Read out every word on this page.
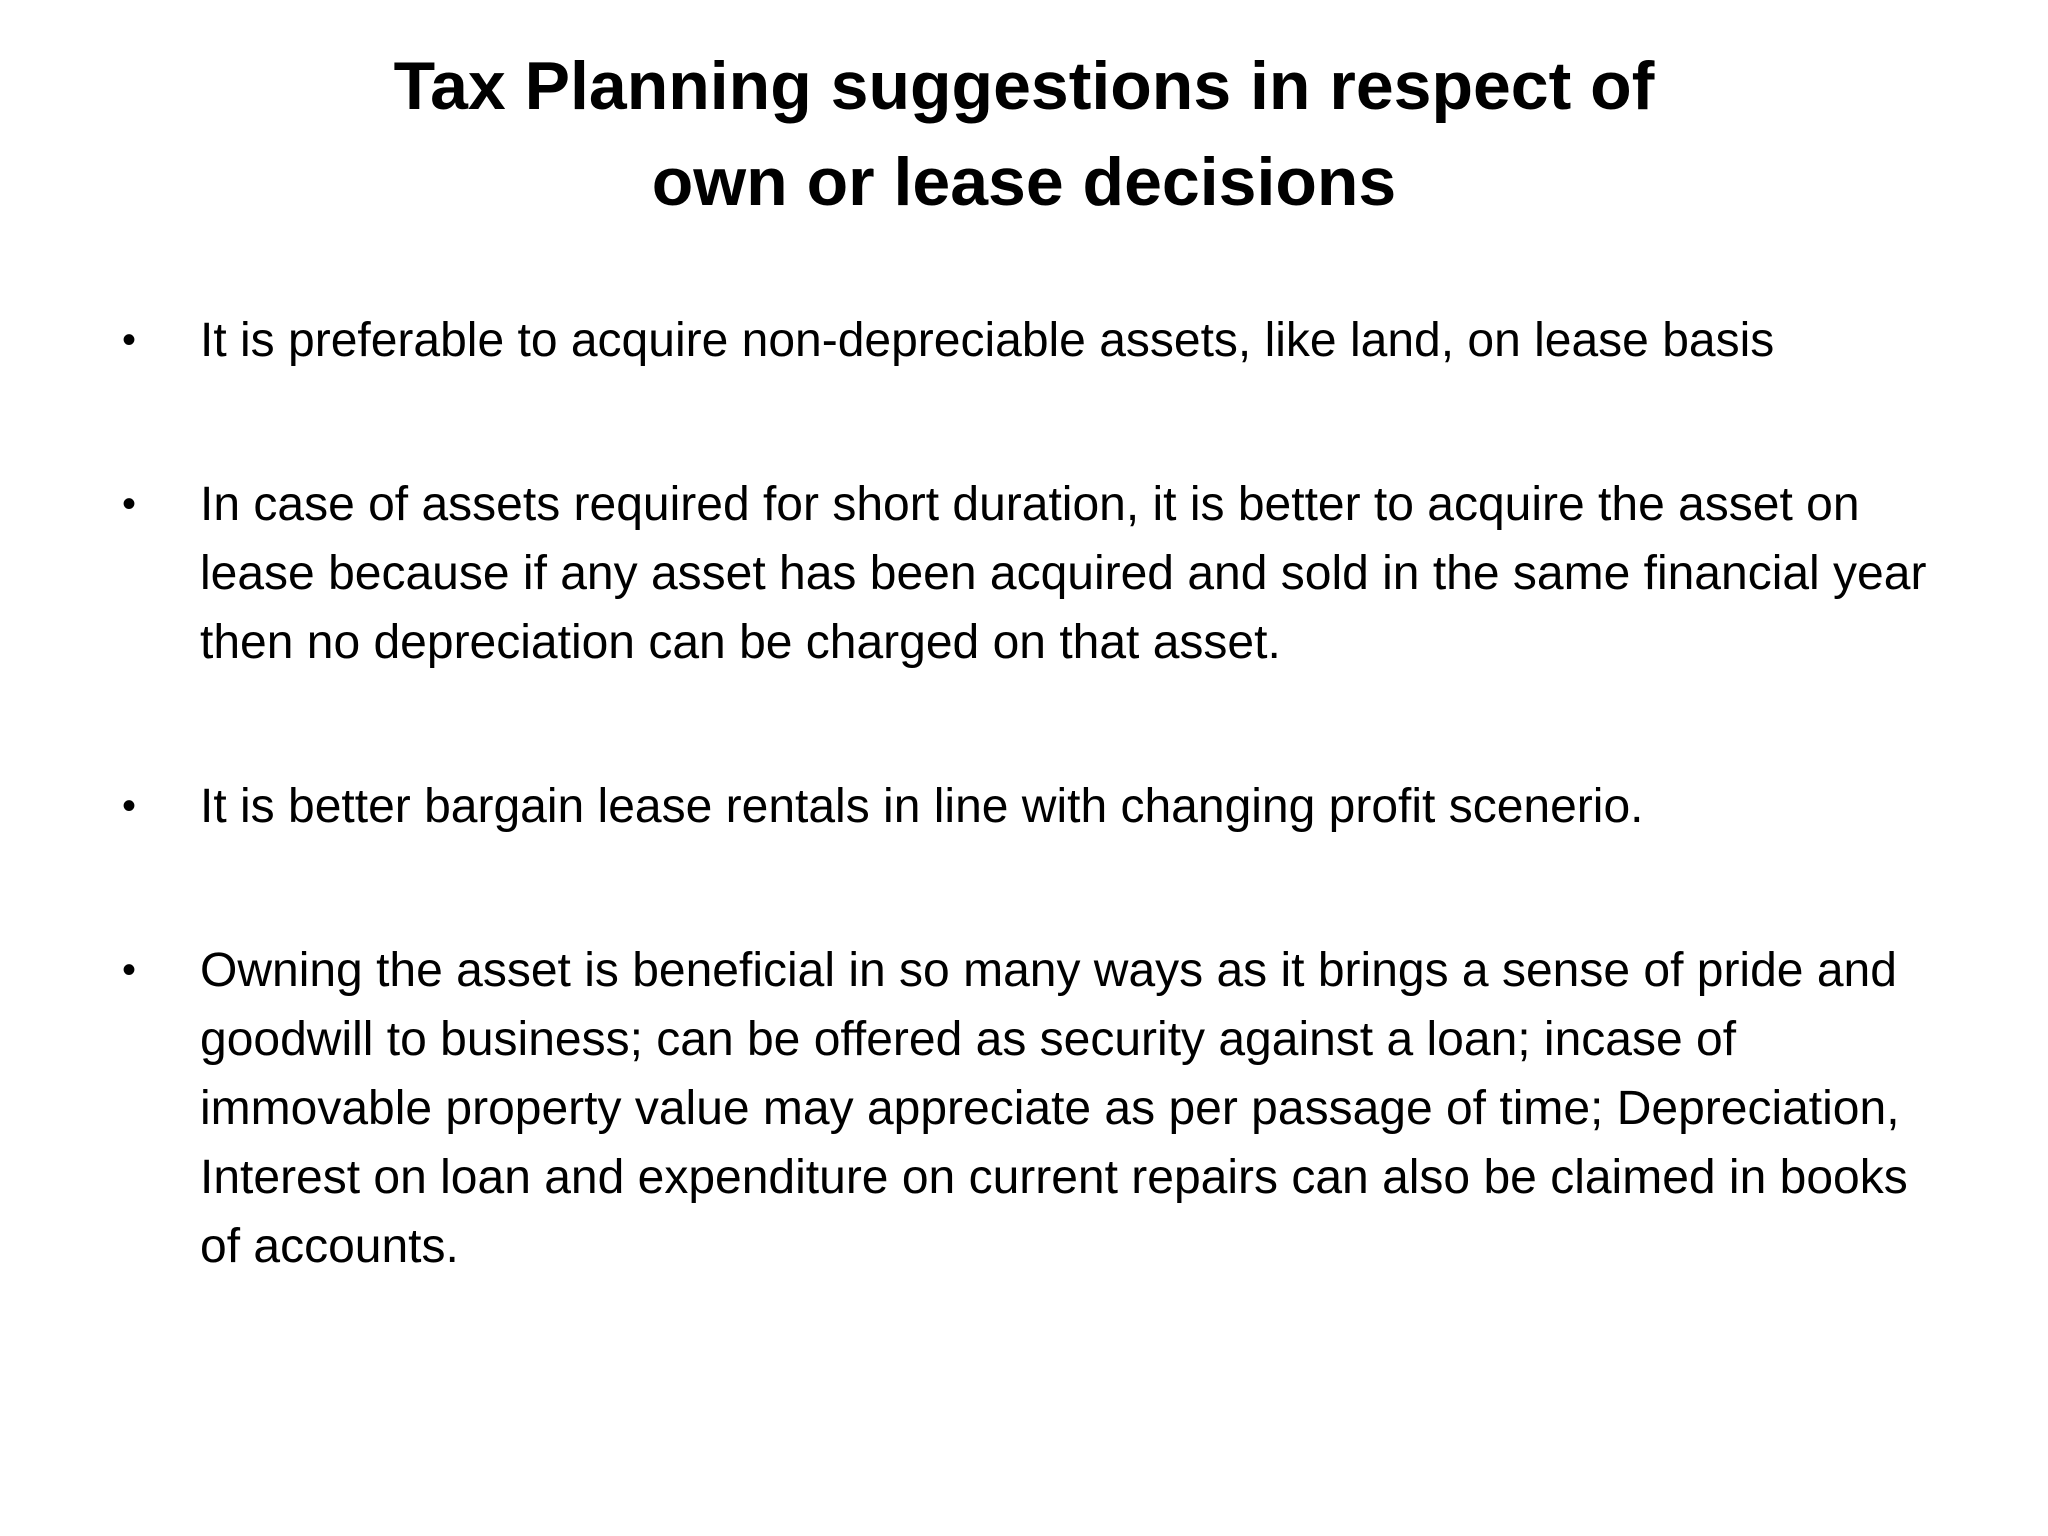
Tax Planning suggestions in respect of
own or lease decisions
• It is preferable to acquire non-depreciable assets, like land, on lease basis
• In case of assets required for short duration, it is better to acquire the asset on lease because if any asset has been acquired and sold in the same financial year then no depreciation can be charged on that asset.
• It is better bargain lease rentals in line with changing profit scenerio.
• Owning the asset is beneficial in so many ways as it brings a sense of pride and goodwill to business; can be offered as security against a loan; incase of immovable property value may appreciate as per passage of time; Depreciation, Interest on loan and expenditure on current repairs can also be claimed in books of accounts.
